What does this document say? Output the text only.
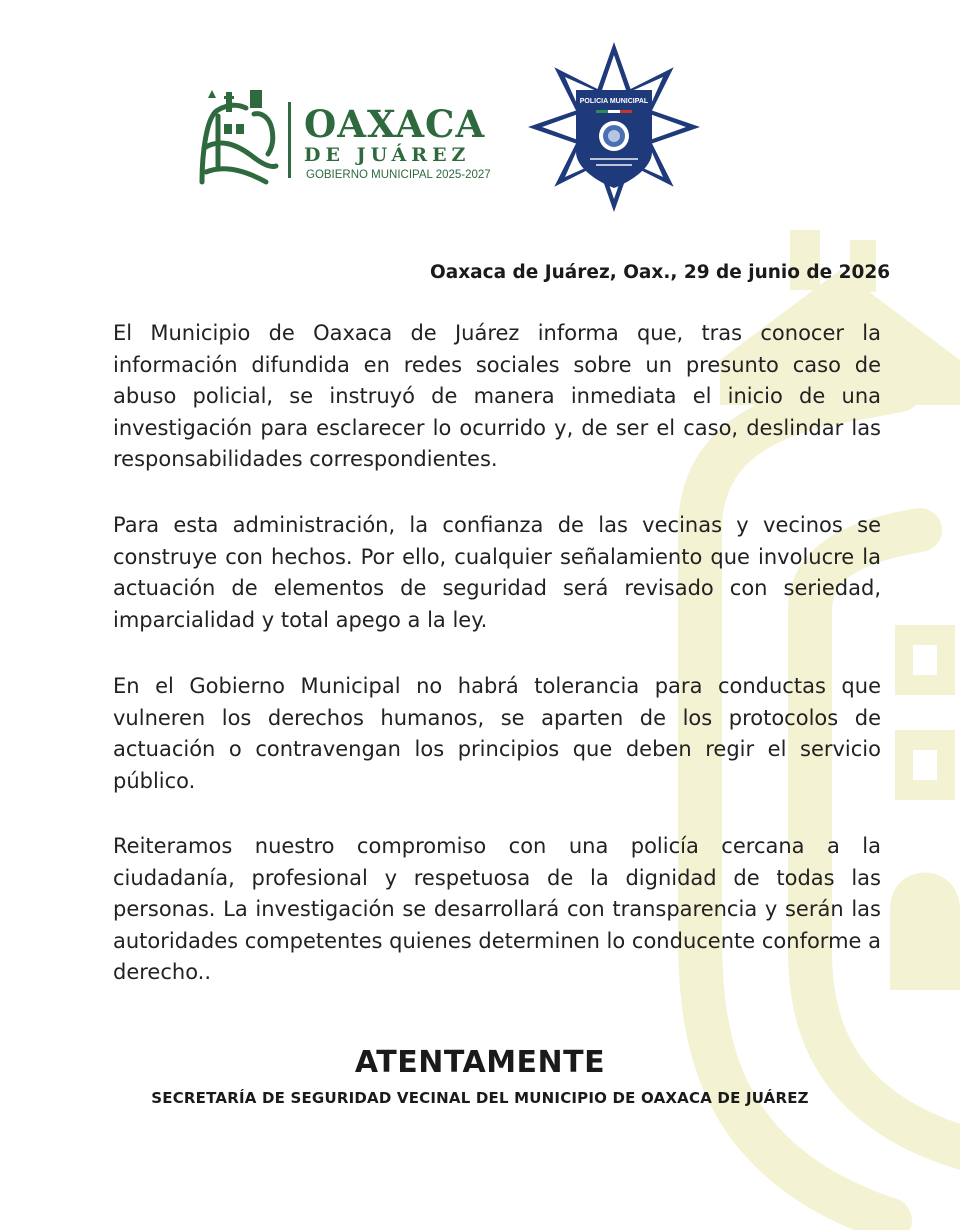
OAXACA
DE JUÁREZ
GOBIERNO MUNICIPAL 2025-2027
POLICIA MUNICIPAL
Oaxaca de Juárez, Oax., 29 de junio de 2026

El Municipio de Oaxaca de Juárez informa que, tras conocer la información difundida en redes sociales sobre un presunto caso de abuso policial, se instruyó de manera inmediata el inicio de una investigación para esclarecer lo ocurrido y, de ser el caso, deslindar las responsabilidades correspondientes.

Para esta administración, la confianza de las vecinas y vecinos se construye con hechos. Por ello, cualquier señalamiento que involucre la actuación de elementos de seguridad será revisado con seriedad, imparcialidad y total apego a la ley.

En el Gobierno Municipal no habrá tolerancia para conductas que vulneren los derechos humanos, se aparten de los protocolos de actuación o contravengan los principios que deben regir el servicio público.

Reiteramos nuestro compromiso con una policía cercana a la ciudadanía, profesional y respetuosa de la dignidad de todas las personas. La investigación se desarrollará con transparencia y serán las autoridades competentes quienes determinen lo conducente conforme a derecho..

ATENTAMENTE
SECRETARÍA DE SEGURIDAD VECINAL DEL MUNICIPIO DE OAXACA DE JUÁREZ
